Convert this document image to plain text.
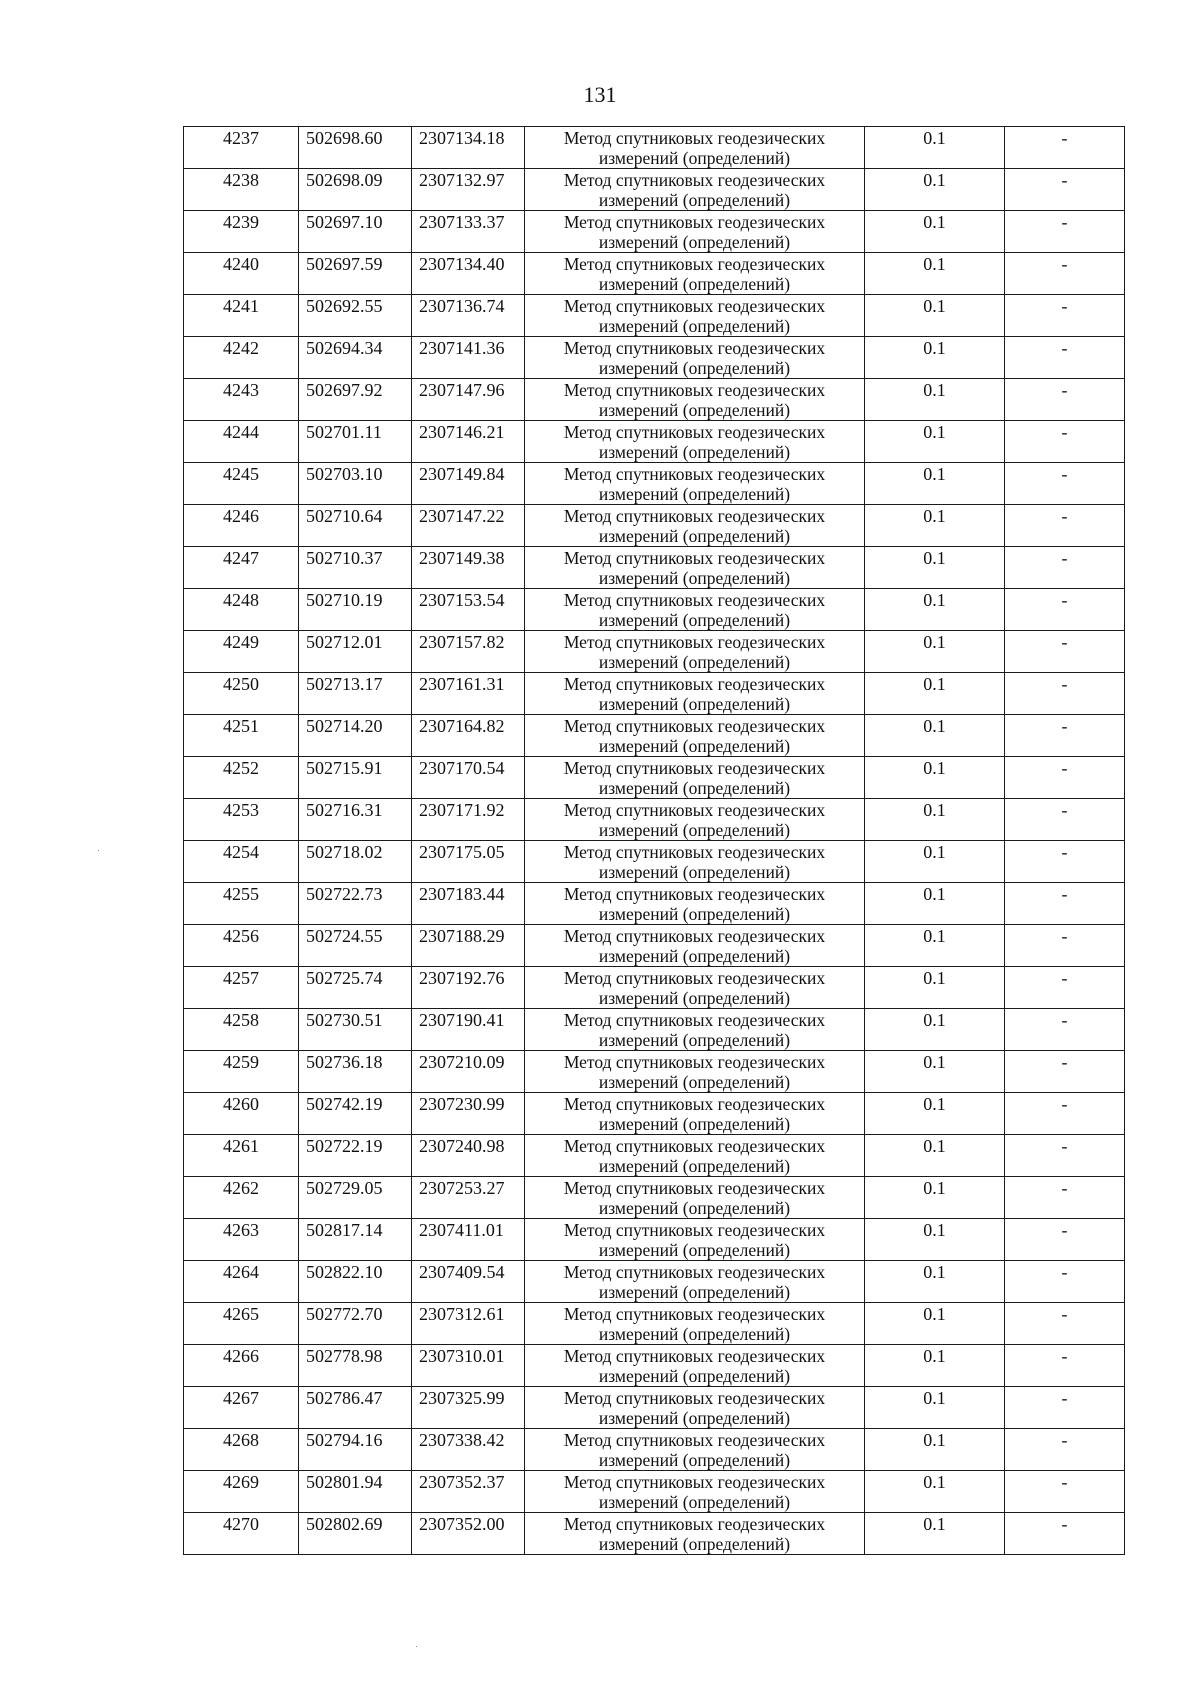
131
4237	502698.60	2307134.18	Метод спутниковых геодезических
измерений (определений)	0.1	-
4238	502698.09	2307132.97	Метод спутниковых геодезических
измерений (определений)	0.1	-
4239	502697.10	2307133.37	Метод спутниковых геодезических
измерений (определений)	0.1	-
4240	502697.59	2307134.40	Метод спутниковых геодезических
измерений (определений)	0.1	-
4241	502692.55	2307136.74	Метод спутниковых геодезических
измерений (определений)	0.1	-
4242	502694.34	2307141.36	Метод спутниковых геодезических
измерений (определений)	0.1	-
4243	502697.92	2307147.96	Метод спутниковых геодезических
измерений (определений)	0.1	-
4244	502701.11	2307146.21	Метод спутниковых геодезических
измерений (определений)	0.1	-
4245	502703.10	2307149.84	Метод спутниковых геодезических
измерений (определений)	0.1	-
4246	502710.64	2307147.22	Метод спутниковых геодезических
измерений (определений)	0.1	-
4247	502710.37	2307149.38	Метод спутниковых геодезических
измерений (определений)	0.1	-
4248	502710.19	2307153.54	Метод спутниковых геодезических
измерений (определений)	0.1	-
4249	502712.01	2307157.82	Метод спутниковых геодезических
измерений (определений)	0.1	-
4250	502713.17	2307161.31	Метод спутниковых геодезических
измерений (определений)	0.1	-
4251	502714.20	2307164.82	Метод спутниковых геодезических
измерений (определений)	0.1	-
4252	502715.91	2307170.54	Метод спутниковых геодезических
измерений (определений)	0.1	-
4253	502716.31	2307171.92	Метод спутниковых геодезических
измерений (определений)	0.1	-
4254	502718.02	2307175.05	Метод спутниковых геодезических
измерений (определений)	0.1	-
4255	502722.73	2307183.44	Метод спутниковых геодезических
измерений (определений)	0.1	-
4256	502724.55	2307188.29	Метод спутниковых геодезических
измерений (определений)	0.1	-
4257	502725.74	2307192.76	Метод спутниковых геодезических
измерений (определений)	0.1	-
4258	502730.51	2307190.41	Метод спутниковых геодезических
измерений (определений)	0.1	-
4259	502736.18	2307210.09	Метод спутниковых геодезических
измерений (определений)	0.1	-
4260	502742.19	2307230.99	Метод спутниковых геодезических
измерений (определений)	0.1	-
4261	502722.19	2307240.98	Метод спутниковых геодезических
измерений (определений)	0.1	-
4262	502729.05	2307253.27	Метод спутниковых геодезических
измерений (определений)	0.1	-
4263	502817.14	2307411.01	Метод спутниковых геодезических
измерений (определений)	0.1	-
4264	502822.10	2307409.54	Метод спутниковых геодезических
измерений (определений)	0.1	-
4265	502772.70	2307312.61	Метод спутниковых геодезических
измерений (определений)	0.1	-
4266	502778.98	2307310.01	Метод спутниковых геодезических
измерений (определений)	0.1	-
4267	502786.47	2307325.99	Метод спутниковых геодезических
измерений (определений)	0.1	-
4268	502794.16	2307338.42	Метод спутниковых геодезических
измерений (определений)	0.1	-
4269	502801.94	2307352.37	Метод спутниковых геодезических
измерений (определений)	0.1	-
4270	502802.69	2307352.00	Метод спутниковых геодезических
измерений (определений)	0.1	-
